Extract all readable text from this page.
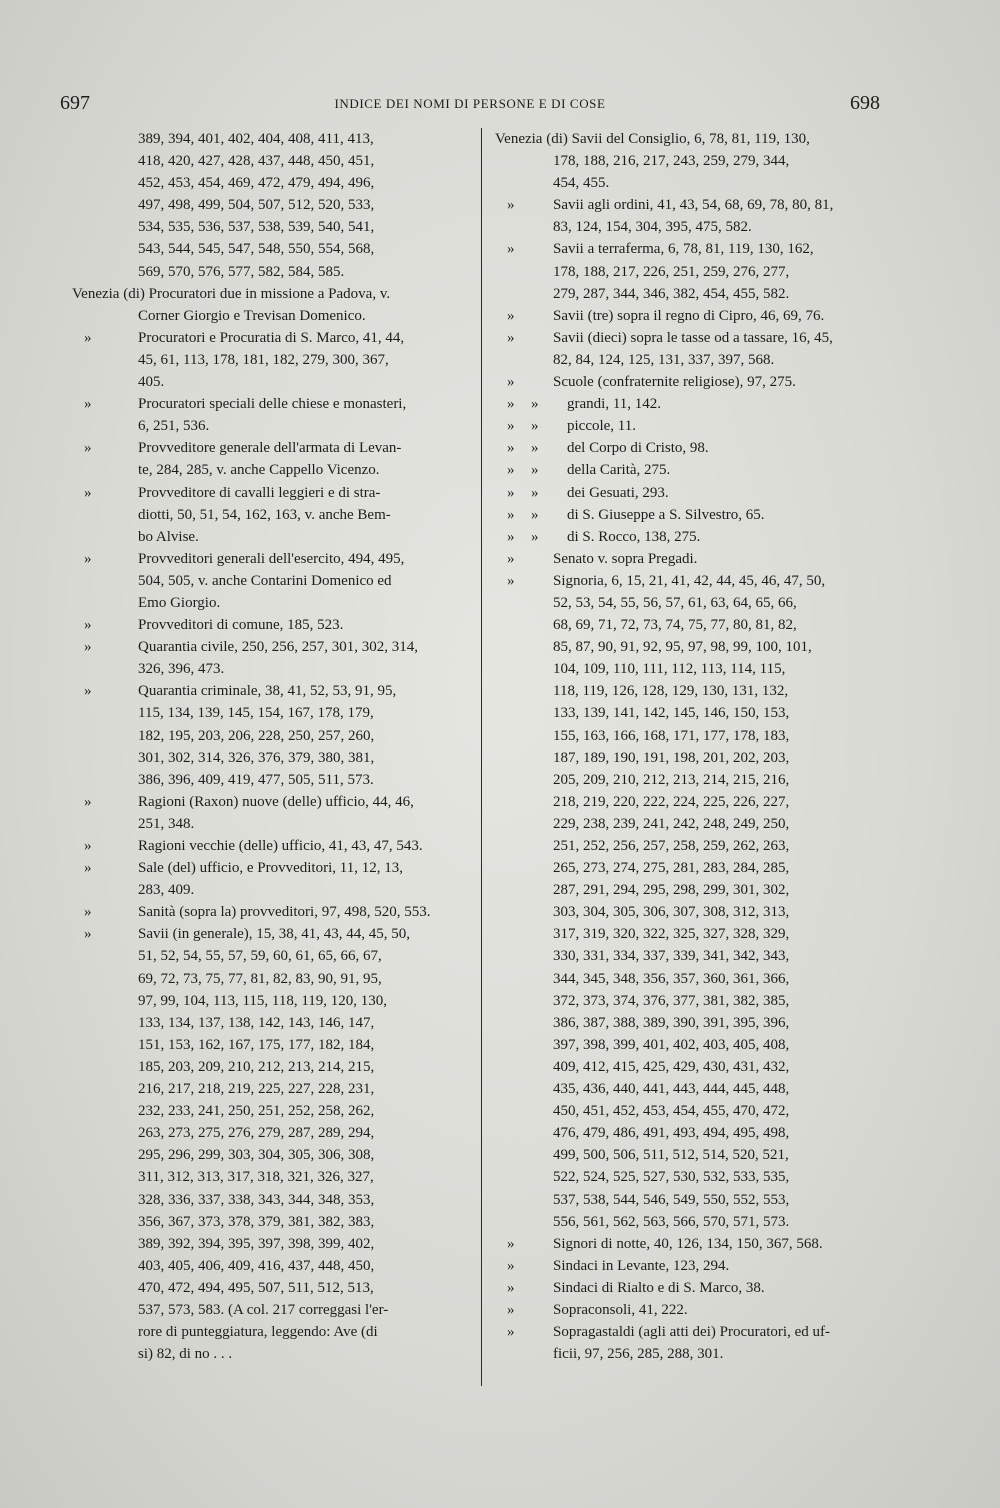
697	INDICE DEI NOMI DI PERSONE E DI COSE	698
389, 394, 401, 402, 404, 408, 411, 413,
418, 420, 427, 428, 437, 448, 450, 451,
452, 453, 454, 469, 472, 479, 494, 496,
497, 498, 499, 504, 507, 512, 520, 533,
534, 535, 536, 537, 538, 539, 540, 541,
543, 544, 545, 547, 548, 550, 554, 568,
569, 570, 576, 577, 582, 584, 585.
Venezia (di) Procuratori due in missione a Padova, v.
Corner Giorgio e Trevisan Domenico.
»	Procuratori e Procuratia di S. Marco, 41, 44,
45, 61, 113, 178, 181, 182, 279, 300, 367,
405.
»	Procuratori speciali delle chiese e monasteri,
6, 251, 536.
»	Provveditore generale dell'armata di Levan-
te, 284, 285, v. anche Cappello Vicenzo.
»	Provveditore di cavalli leggieri e di stra-
diotti, 50, 51, 54, 162, 163, v. anche Bem-
bo Alvise.
»	Provveditori generali dell'esercito, 494, 495,
504, 505, v. anche Contarini Domenico ed
Emo Giorgio.
»	Provveditori di comune, 185, 523.
»	Quarantia civile, 250, 256, 257, 301, 302, 314,
326, 396, 473.
»	Quarantia criminale, 38, 41, 52, 53, 91, 95,
115, 134, 139, 145, 154, 167, 178, 179,
182, 195, 203, 206, 228, 250, 257, 260,
301, 302, 314, 326, 376, 379, 380, 381,
386, 396, 409, 419, 477, 505, 511, 573.
»	Ragioni (Raxon) nuove (delle) ufficio, 44, 46,
251, 348.
»	Ragioni vecchie (delle) ufficio, 41, 43, 47, 543.
»	Sale (del) ufficio, e Provveditori, 11, 12, 13,
283, 409.
»	Sanità (sopra la) provveditori, 97, 498, 520, 553.
»	Savii (in generale), 15, 38, 41, 43, 44, 45, 50,
51, 52, 54, 55, 57, 59, 60, 61, 65, 66, 67,
69, 72, 73, 75, 77, 81, 82, 83, 90, 91, 95,
97, 99, 104, 113, 115, 118, 119, 120, 130,
133, 134, 137, 138, 142, 143, 146, 147,
151, 153, 162, 167, 175, 177, 182, 184,
185, 203, 209, 210, 212, 213, 214, 215,
216, 217, 218, 219, 225, 227, 228, 231,
232, 233, 241, 250, 251, 252, 258, 262,
263, 273, 275, 276, 279, 287, 289, 294,
295, 296, 299, 303, 304, 305, 306, 308,
311, 312, 313, 317, 318, 321, 326, 327,
328, 336, 337, 338, 343, 344, 348, 353,
356, 367, 373, 378, 379, 381, 382, 383,
389, 392, 394, 395, 397, 398, 399, 402,
403, 405, 406, 409, 416, 437, 448, 450,
470, 472, 494, 495, 507, 511, 512, 513,
537, 573, 583. (A col. 217 correggasi l'er-
rore di punteggiatura, leggendo: Ave (di
si) 82, di no . . .
Venezia (di) Savii del Consiglio, 6, 78, 81, 119, 130,
178, 188, 216, 217, 243, 259, 279, 344,
454, 455.
»	Savii agli ordini, 41, 43, 54, 68, 69, 78, 80, 81,
83, 124, 154, 304, 395, 475, 582.
»	Savii a terraferma, 6, 78, 81, 119, 130, 162,
178, 188, 217, 226, 251, 259, 276, 277,
279, 287, 344, 346, 382, 454, 455, 582.
»	Savii (tre) sopra il regno di Cipro, 46, 69, 76.
»	Savii (dieci) sopra le tasse od a tassare, 16, 45,
82, 84, 124, 125, 131, 337, 397, 568.
»	Scuole (confraternite religiose), 97, 275.
» » grandi, 11, 142.
» » piccole, 11.
» » del Corpo di Cristo, 98.
» » della Carità, 275.
» » dei Gesuati, 293.
» » di S. Giuseppe a S. Silvestro, 65.
» » di S. Rocco, 138, 275.
»	Senato v. sopra Pregadi.
»	Signoria, 6, 15, 21, 41, 42, 44, 45, 46, 47, 50,
52, 53, 54, 55, 56, 57, 61, 63, 64, 65, 66,
68, 69, 71, 72, 73, 74, 75, 77, 80, 81, 82,
85, 87, 90, 91, 92, 95, 97, 98, 99, 100, 101,
104, 109, 110, 111, 112, 113, 114, 115,
118, 119, 126, 128, 129, 130, 131, 132,
133, 139, 141, 142, 145, 146, 150, 153,
155, 163, 166, 168, 171, 177, 178, 183,
187, 189, 190, 191, 198, 201, 202, 203,
205, 209, 210, 212, 213, 214, 215, 216,
218, 219, 220, 222, 224, 225, 226, 227,
229, 238, 239, 241, 242, 248, 249, 250,
251, 252, 256, 257, 258, 259, 262, 263,
265, 273, 274, 275, 281, 283, 284, 285,
287, 291, 294, 295, 298, 299, 301, 302,
303, 304, 305, 306, 307, 308, 312, 313,
317, 319, 320, 322, 325, 327, 328, 329,
330, 331, 334, 337, 339, 341, 342, 343,
344, 345, 348, 356, 357, 360, 361, 366,
372, 373, 374, 376, 377, 381, 382, 385,
386, 387, 388, 389, 390, 391, 395, 396,
397, 398, 399, 401, 402, 403, 405, 408,
409, 412, 415, 425, 429, 430, 431, 432,
435, 436, 440, 441, 443, 444, 445, 448,
450, 451, 452, 453, 454, 455, 470, 472,
476, 479, 486, 491, 493, 494, 495, 498,
499, 500, 506, 511, 512, 514, 520, 521,
522, 524, 525, 527, 530, 532, 533, 535,
537, 538, 544, 546, 549, 550, 552, 553,
556, 561, 562, 563, 566, 570, 571, 573.
»	Signori di notte, 40, 126, 134, 150, 367, 568.
»	Sindaci in Levante, 123, 294.
»	Sindaci di Rialto e di S. Marco, 38.
»	Sopraconsoli, 41, 222.
»	Sopragastaldi (agli atti dei) Procuratori, ed uf-
ficii, 97, 256, 285, 288, 301.
